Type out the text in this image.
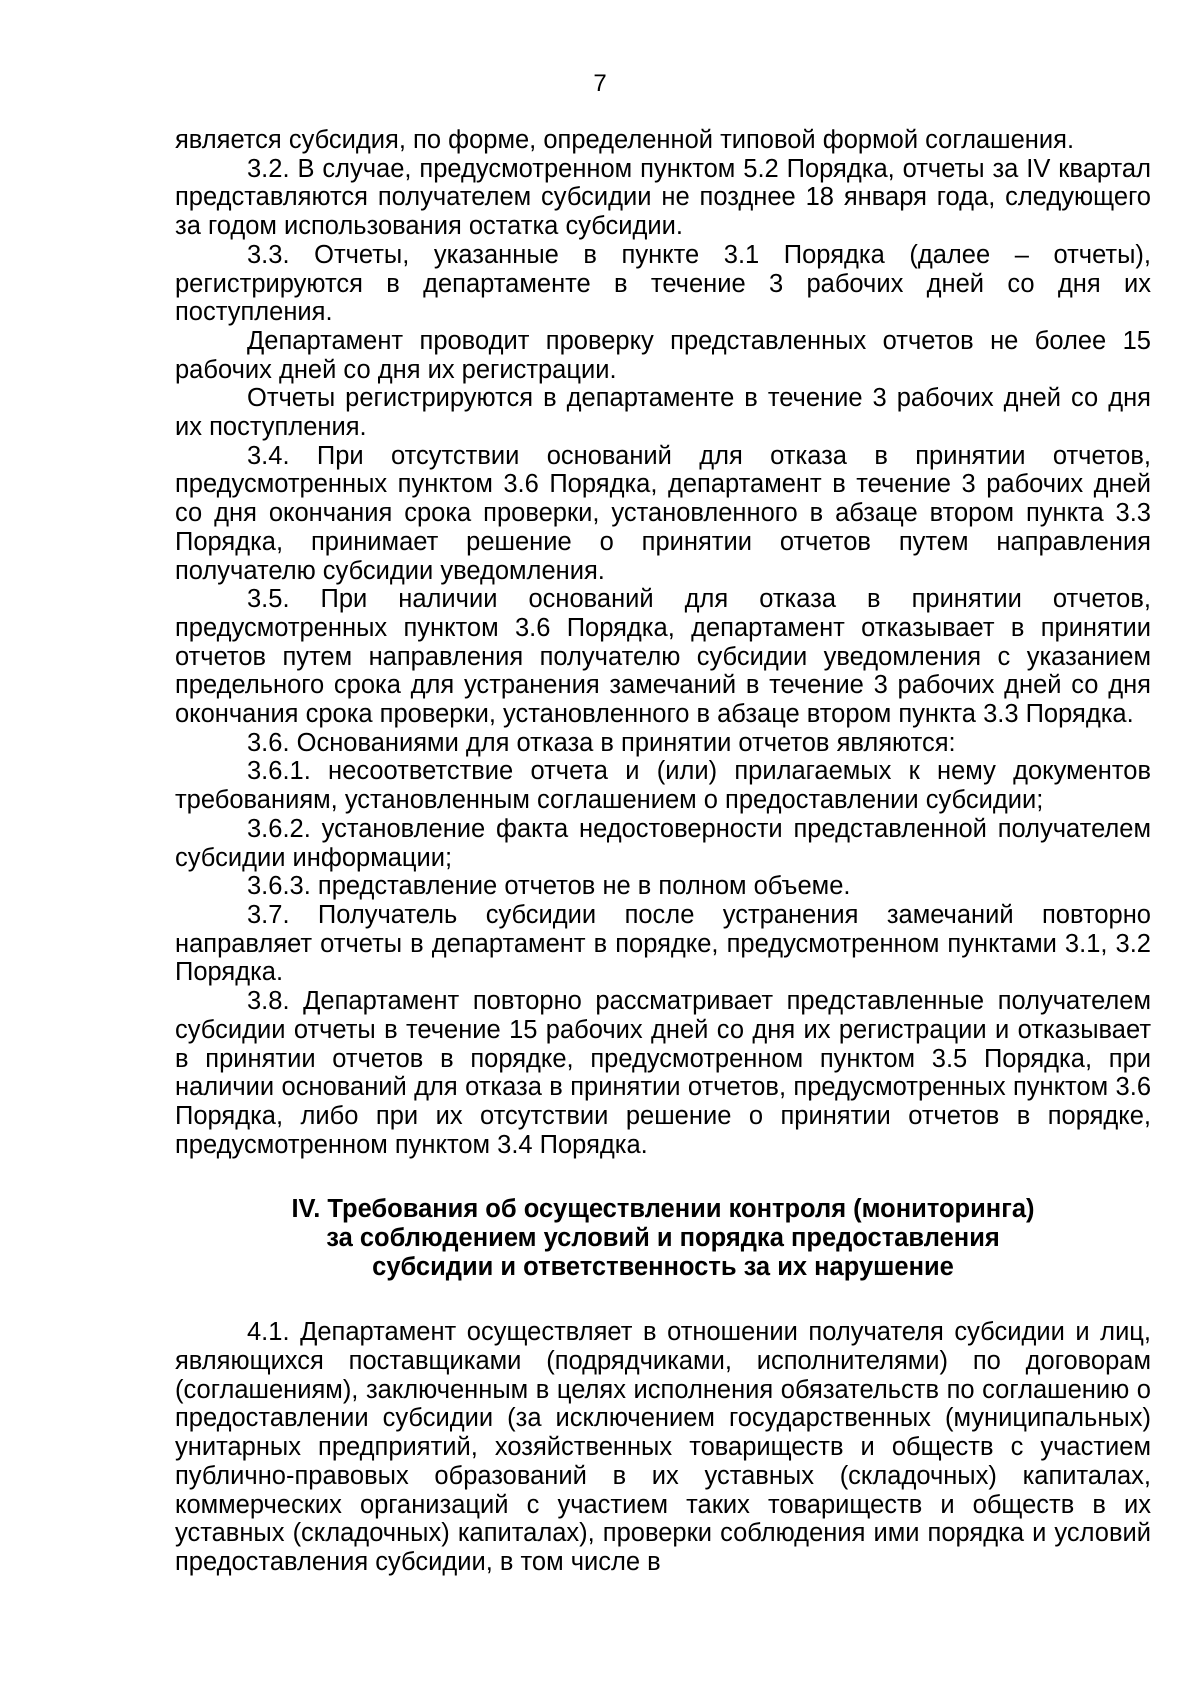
7

является субсидия, по форме, определенной типовой формой соглашения.

3.2. В случае, предусмотренном пунктом 5.2 Порядка, отчеты за IV квартал представляются получателем субсидии не позднее 18 января года, следующего за годом использования остатка субсидии.

3.3. Отчеты, указанные в пункте 3.1 Порядка (далее – отчеты), регистрируются в департаменте в течение 3 рабочих дней со дня их поступления.

Департамент проводит проверку представленных отчетов не более 15 рабочих дней со дня их регистрации.

Отчеты регистрируются в департаменте в течение 3 рабочих дней со дня их поступления.

3.4. При отсутствии оснований для отказа в принятии отчетов, предусмотренных пунктом 3.6 Порядка, департамент в течение 3 рабочих дней со дня окончания срока проверки, установленного в абзаце втором пункта 3.3 Порядка, принимает решение о принятии отчетов путем направления получателю субсидии уведомления.

3.5. При наличии оснований для отказа в принятии отчетов, предусмотренных пунктом 3.6 Порядка, департамент отказывает в принятии отчетов путем направления получателю субсидии уведомления с указанием предельного срока для устранения замечаний в течение 3 рабочих дней со дня окончания срока проверки, установленного в абзаце втором пункта 3.3 Порядка.

3.6. Основаниями для отказа в принятии отчетов являются:

3.6.1. несоответствие отчета и (или) прилагаемых к нему документов требованиям, установленным соглашением о предоставлении субсидии;

3.6.2. установление факта недостоверности представленной получателем субсидии информации;

3.6.3. представление отчетов не в полном объеме.

3.7. Получатель субсидии после устранения замечаний повторно направляет отчеты в департамент в порядке, предусмотренном пунктами 3.1, 3.2 Порядка.

3.8. Департамент повторно рассматривает представленные получателем субсидии отчеты в течение 15 рабочих дней со дня их регистрации и отказывает в принятии отчетов в порядке, предусмотренном пунктом 3.5 Порядка, при наличии оснований для отказа в принятии отчетов, предусмотренных пунктом 3.6 Порядка, либо при их отсутствии решение о принятии отчетов в порядке, предусмотренном пунктом 3.4 Порядка.

IV. Требования об осуществлении контроля (мониторинга)
за соблюдением условий и порядка предоставления
субсидии и ответственность за их нарушение

4.1. Департамент осуществляет в отношении получателя субсидии и лиц, являющихся поставщиками (подрядчиками, исполнителями) по договорам (соглашениям), заключенным в целях исполнения обязательств по соглашению о предоставлении субсидии (за исключением государственных (муниципальных) унитарных предприятий, хозяйственных товариществ и обществ с участием публично-правовых образований в их уставных (складочных) капиталах, коммерческих организаций с участием таких товариществ и обществ в их уставных (складочных) капиталах), проверки соблюдения ими порядка и условий предоставления субсидии, в том числе в
